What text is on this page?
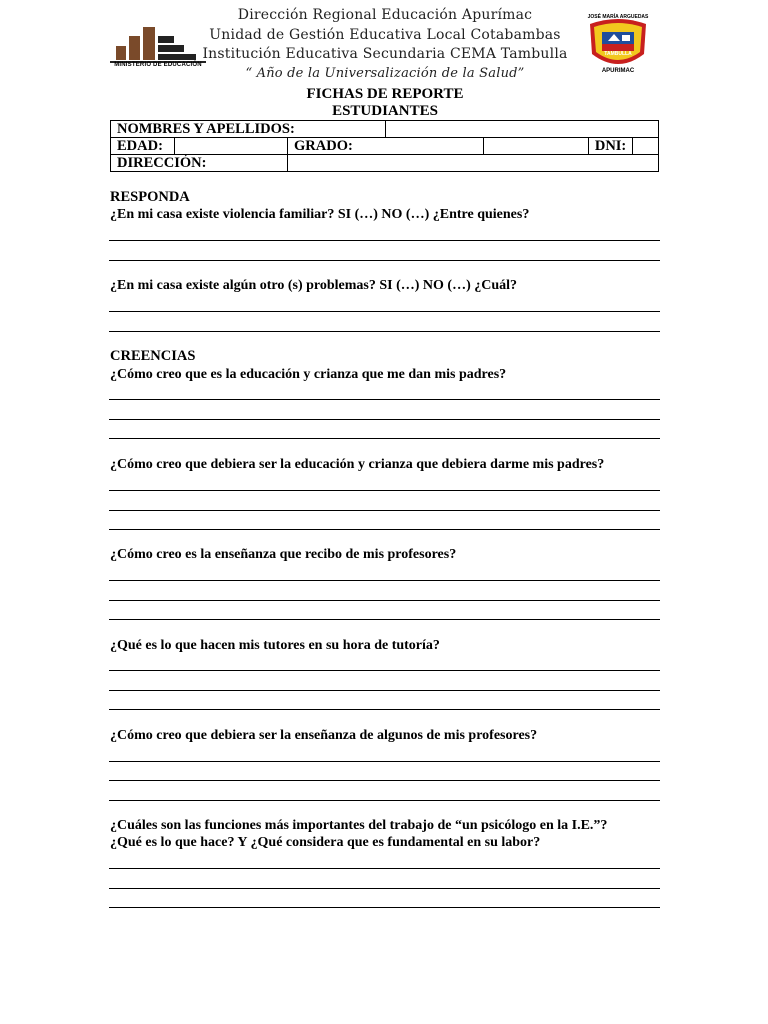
MINISTERIO DE EDUCACIÓN
Dirección Regional Educación Apurímac
Unidad de Gestión Educativa Local Cotabambas
Institución Educativa Secundaria CEMA Tambulla
“ Año de la Universalización de la Salud”
JOSÉ MARÍA ARGUEDAS
TAMBULLA
APURIMAC
FICHAS DE REPORTE
ESTUDIANTES
NOMBRES Y APELLIDOS:						
EDAD:		GRADO:			DNI:	
DIRECCIÓN:						
RESPONDA
¿En mi casa existe violencia familiar? SI (…) NO (…) ¿Entre quienes?
¿En mi casa existe algún otro (s) problemas? SI (…) NO (…) ¿Cuál?
CREENCIAS
¿Cómo creo que es la educación y crianza que me dan mis padres?
¿Cómo creo que debiera ser la educación y crianza que debiera darme mis padres?
¿Cómo creo es la enseñanza que recibo de mis profesores?
¿Qué es lo que hacen mis tutores en su hora de tutoría?
¿Cómo creo que debiera ser la enseñanza de algunos de mis profesores?
¿Cuáles son las funciones más importantes del trabajo de “un psicólogo en la I.E.”?
¿Qué es lo que hace? Y ¿Qué considera que es fundamental en su labor?
